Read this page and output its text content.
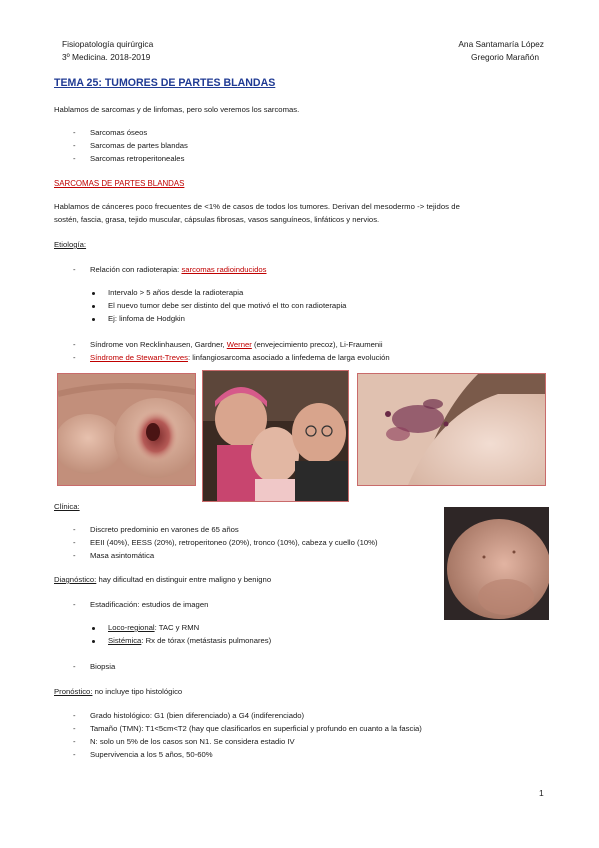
Fisiopatología quirúrgica
3º Medicina. 2018-2019
Ana Santamaría López
Gregorio Marañón
TEMA 25: TUMORES DE PARTES BLANDAS
Hablamos de sarcomas y de linfomas, pero solo veremos los sarcomas.
- Sarcomas óseos
- Sarcomas de partes blandas
- Sarcomas retroperitoneales
SARCOMAS DE PARTES BLANDAS
Hablamos de cánceres poco frecuentes de <1% de casos de todos los tumores. Derivan del mesodermo -> tejidos de
sostén, fascia, grasa, tejido muscular, cápsulas fibrosas, vasos sanguíneos, linfáticos y nervios.
Etiología:
- Relación con radioterapia: sarcomas radioinducidos
Intervalo > 5 años desde la radioterapia
El nuevo tumor debe ser distinto del que motivó el tto con radioterapia
Ej: linfoma de Hodgkin
- Síndrome von Recklinhausen, Gardner, Werner (envejecimiento precoz), Li-Fraumenii
- Síndrome de Stewart-Treves: linfangiosarcoma asociado a linfedema de larga evolución
Clínica:
- Discreto predominio en varones de 65 años
- EEII (40%), EESS (20%), retroperitoneo (20%), tronco (10%), cabeza y cuello (10%)
- Masa asintomática
Diagnóstico: hay dificultad en distinguir entre maligno y benigno
- Estadificación: estudios de imagen
Loco-regional: TAC y RMN
Sistémica: Rx de tórax (metástasis pulmonares)
- Biopsia
Pronóstico: no incluye tipo histológico
- Grado histológico: G1 (bien diferenciado) a G4 (indiferenciado)
- Tamaño (TMN): T1<5cm<T2 (hay que clasificarlos en superficial y profundo en cuanto a la fascia)
- N: solo un 5% de los casos son N1. Se considera estadio IV
- Supervivencia a los 5 años, 50-60%
1
